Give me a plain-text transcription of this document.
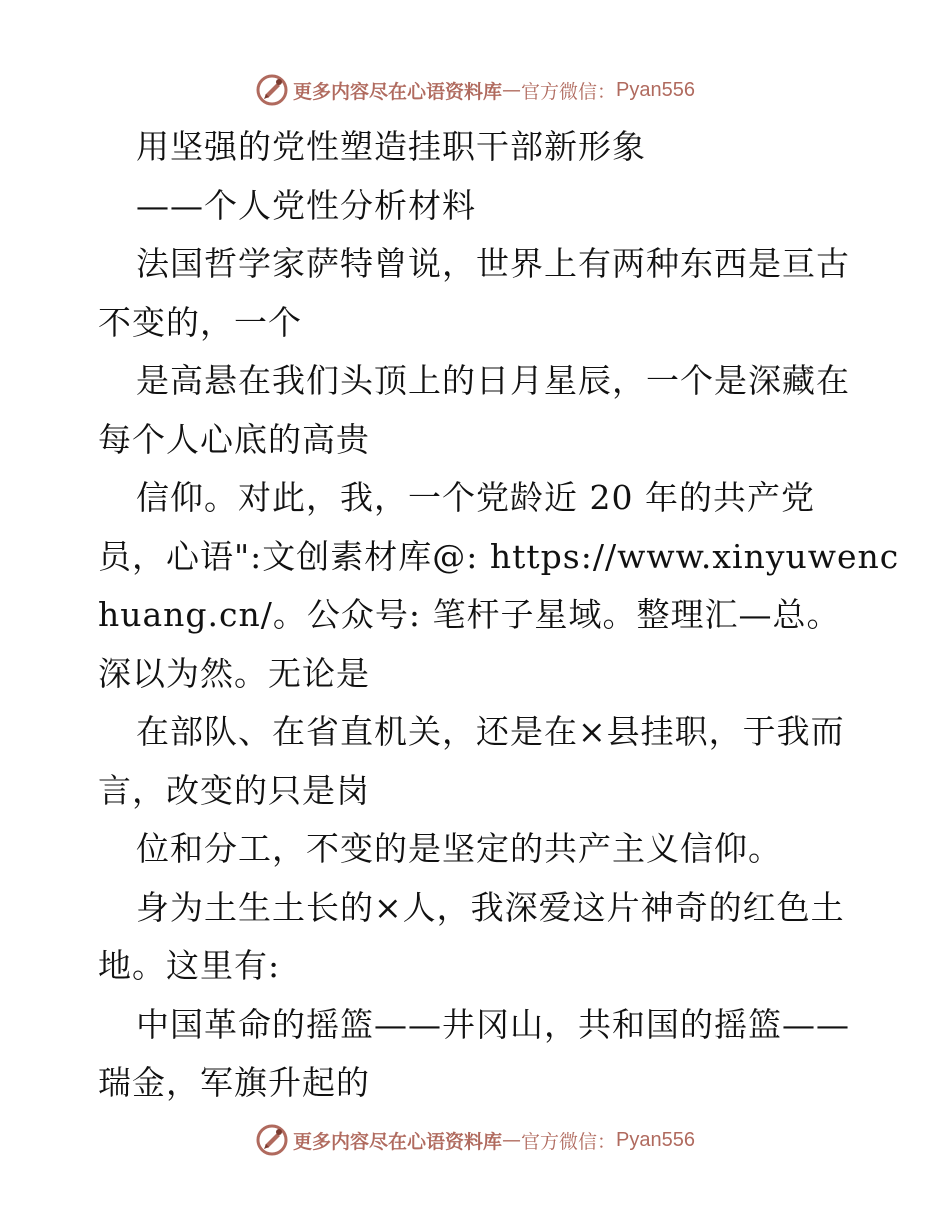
更多内容尽在心语资料库 — 官方微信： Pyan556
用坚强的党性塑造挂职干部新形象
——个人党性分析材料
法国哲学家萨特曾说，世界上有两种东西是亘古
不变的，一个
是高悬在我们头顶上的日月星辰，一个是深藏在
每个人心底的高贵
信仰。对此，我，一个党龄近 20 年的共产党
员，心语":文创素材库@: https://www.xinyuwenc
huang.cn/。公众号: 笔杆子星域。整理汇—总。
深以为然。无论是
在部队、在省直机关，还是在×县挂职，于我而
言，改变的只是岗
位和分工，不变的是坚定的共产主义信仰。
身为土生土长的×人，我深爱这片神奇的红色土
地。这里有:
中国革命的摇篮——井冈山，共和国的摇篮——
瑞金，军旗升起的
更多内容尽在心语资料库 — 官方微信： Pyan556
